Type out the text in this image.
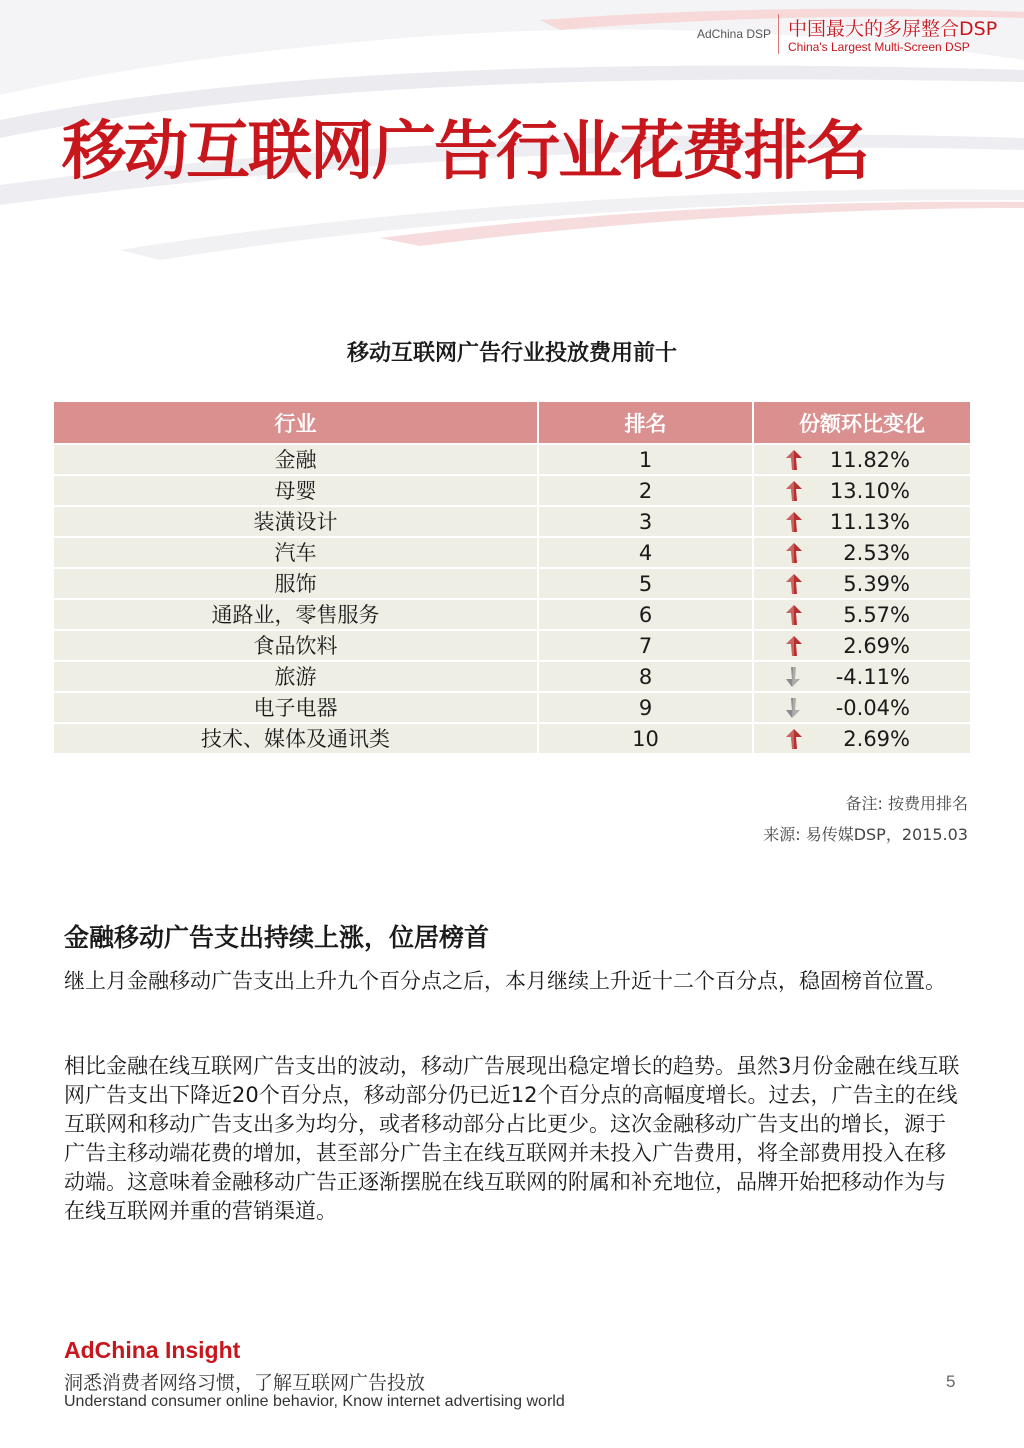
AdChina DSP 中国最大的多屏整合DSP
China's Largest Multi-Screen DSP
移动互联网广告行业花费排名
移动互联网广告行业投放费用前十
行业	排名	份额环比变化
金融	1	11.82%
母婴	2	13.10%
装潢设计	3	11.13%
汽车	4	2.53%
服饰	5	5.39%
通路业，零售服务	6	5.57%
食品饮料	7	2.69%
旅游	8	-4.11%
电子电器	9	-0.04%
技术、媒体及通讯类	10	2.69%
备注: 按费用排名
来源: 易传媒DSP，2015.03
金融移动广告支出持续上涨，位居榜首

继上月金融移动广告支出上升九个百分点之后，本月继续上升近十二个百分点，稳固榜首位置。

相比金融在线互联网广告支出的波动，移动广告展现出稳定增长的趋势。虽然3月份金融在线互联网广告支出下降近20个百分点，移动部分仍已近12个百分点的高幅度增长。过去，广告主的在线互联网和移动广告支出多为均分，或者移动部分占比更少。这次金融移动广告支出的增长，源于广告主移动端花费的增加，甚至部分广告主在线互联网并未投入广告费用，将全部费用投入在移动端。这意味着金融移动广告正逐渐摆脱在线互联网的附属和补充地位，品牌开始把移动作为与在线互联网并重的营销渠道。

AdChina Insight
洞悉消费者网络习惯，了解互联网广告投放
Understand consumer online behavior, Know internet advertising world
5
